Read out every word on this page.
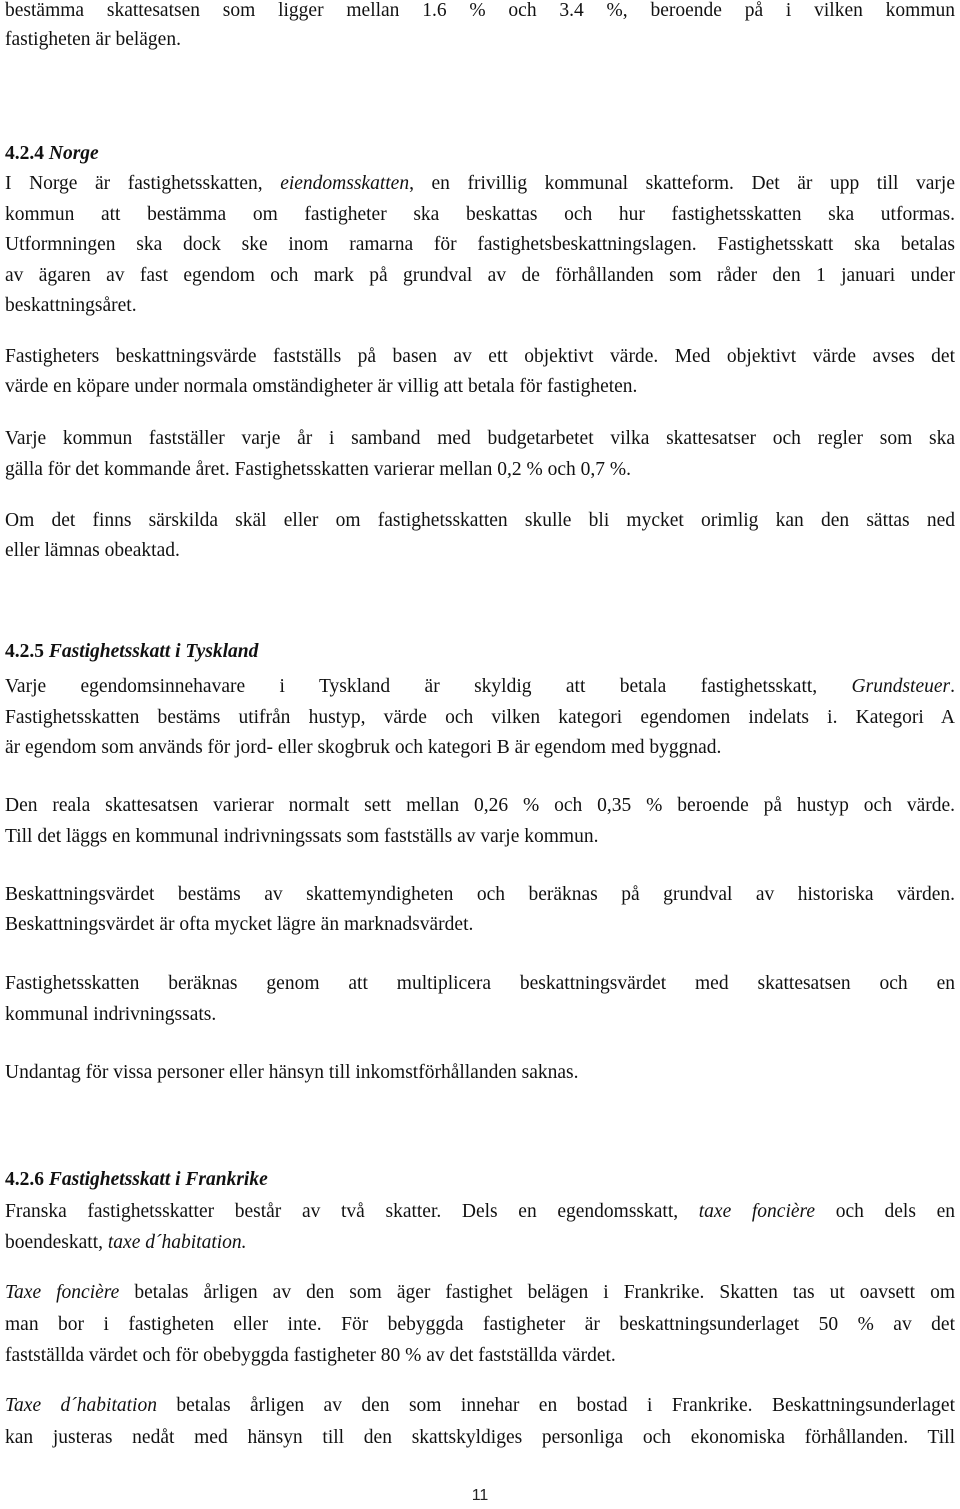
bestämma skattesatsen som ligger mellan 1.6 % och 3.4 %, beroende på i vilken kommun
fastigheten är belägen.
4.2.4 Norge
I Norge är fastighetsskatten, eiendomsskatten, en frivillig kommunal skatteform. Det är upp till varje
kommun att bestämma om fastigheter ska beskattas och hur fastighetsskatten ska utformas.
Utformningen ska dock ske inom ramarna för fastighetsbeskattningslagen. Fastighetsskatt ska betalas
av ägaren av fast egendom och mark på grundval av de förhållanden som råder den 1 januari under
beskattningsåret.
Fastigheters beskattningsvärde fastställs på basen av ett objektivt värde. Med objektivt värde avses det
värde en köpare under normala omständigheter är villig att betala för fastigheten.
Varje kommun fastställer varje år i samband med budgetarbetet vilka skattesatser och regler som ska
gälla för det kommande året. Fastighetsskatten varierar mellan 0,2 % och 0,7 %.
Om det finns särskilda skäl eller om fastighetsskatten skulle bli mycket orimlig kan den sättas ned
eller lämnas obeaktad.
4.2.5 Fastighetsskatt i Tyskland
Varje egendomsinnehavare i Tyskland är skyldig att betala fastighetsskatt, Grundsteuer.
Fastighetsskatten bestäms utifrån hustyp, värde och vilken kategori egendomen indelats i. Kategori A
är egendom som används för jord- eller skogbruk och kategori B är egendom med byggnad.
Den reala skattesatsen varierar normalt sett mellan 0,26 % och 0,35 % beroende på hustyp och värde.
Till det läggs en kommunal indrivningssats som fastställs av varje kommun.
Beskattningsvärdet bestäms av skattemyndigheten och beräknas på grundval av historiska värden.
Beskattningsvärdet är ofta mycket lägre än marknadsvärdet.
Fastighetsskatten beräknas genom att multiplicera beskattningsvärdet med skattesatsen och en
kommunal indrivningssats.
Undantag för vissa personer eller hänsyn till inkomstförhållanden saknas.
4.2.6 Fastighetsskatt i Frankrike
Franska fastighetsskatter består av två skatter. Dels en egendomsskatt, taxe foncière och dels en
boendeskatt, taxe d´habitation.
Taxe foncière betalas årligen av den som äger fastighet belägen i Frankrike. Skatten tas ut oavsett om
man bor i fastigheten eller inte. För bebyggda fastigheter är beskattningsunderlaget 50 % av det
fastställda värdet och för obebyggda fastigheter 80 % av det fastställda värdet.
Taxe d´habitation betalas årligen av den som innehar en bostad i Frankrike. Beskattningsunderlaget
kan justeras nedåt med hänsyn till den skattskyldiges personliga och ekonomiska förhållanden. Till
11
